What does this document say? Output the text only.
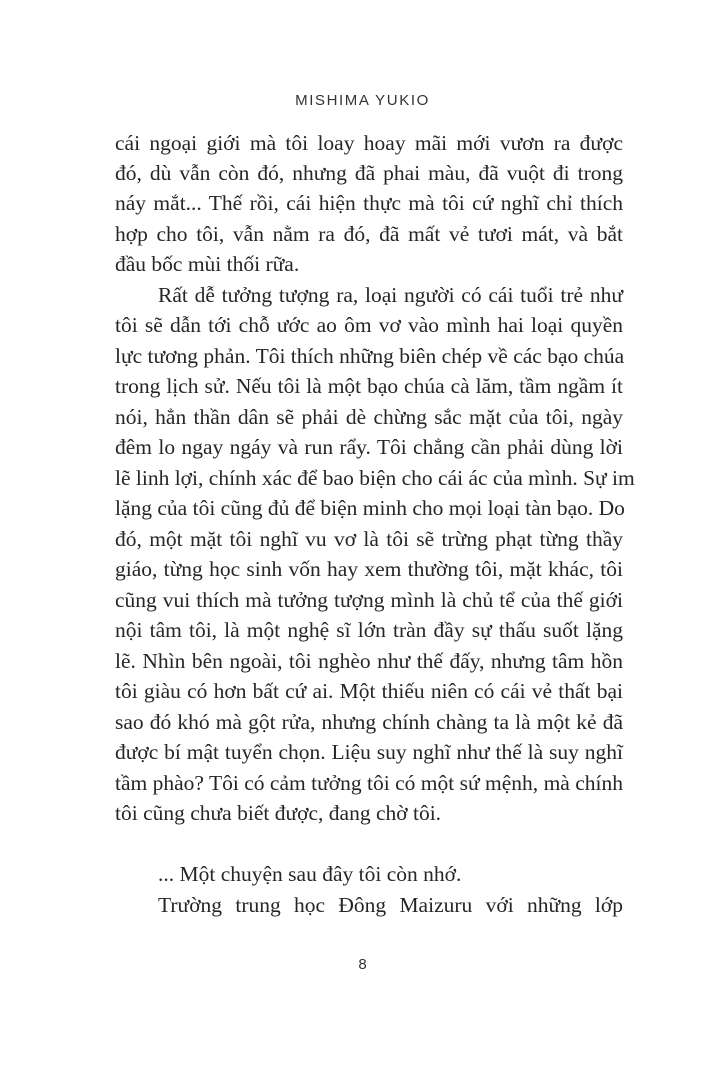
MISHIMA YUKIO
cái ngoại giới mà tôi loay hoay mãi mới vươn ra được
đó, dù vẫn còn đó, nhưng đã phai màu, đã vuột đi trong
náy mắt... Thế rồi, cái hiện thực mà tôi cứ nghĩ chỉ thích
hợp cho tôi, vẫn nằm ra đó, đã mất vẻ tươi mát, và bắt
đầu bốc mùi thối rữa.
Rất dễ tưởng tượng ra, loại người có cái tuổi trẻ như
tôi sẽ dẫn tới chỗ ước ao ôm vơ vào mình hai loại quyền
lực tương phản. Tôi thích những biên chép về các bạo chúa
trong lịch sử. Nếu tôi là một bạo chúa cà lăm, tầm ngầm ít
nói, hẳn thần dân sẽ phải dè chừng sắc mặt của tôi, ngày
đêm lo ngay ngáy và run rẩy. Tôi chẳng cần phải dùng lời
lẽ linh lợi, chính xác để bao biện cho cái ác của mình. Sự im
lặng của tôi cũng đủ để biện minh cho mọi loại tàn bạo. Do
đó, một mặt tôi nghĩ vu vơ là tôi sẽ trừng phạt từng thầy
giáo, từng học sinh vốn hay xem thường tôi, mặt khác, tôi
cũng vui thích mà tưởng tượng mình là chủ tể của thế giới
nội tâm tôi, là một nghệ sĩ lớn tràn đầy sự thấu suốt lặng
lẽ. Nhìn bên ngoài, tôi nghèo như thế đấy, nhưng tâm hồn
tôi giàu có hơn bất cứ ai. Một thiếu niên có cái vẻ thất bại
sao đó khó mà gột rửa, nhưng chính chàng ta là một kẻ đã
được bí mật tuyển chọn. Liệu suy nghĩ như thế là suy nghĩ
tầm phào? Tôi có cảm tưởng tôi có một sứ mệnh, mà chính
tôi cũng chưa biết được, đang chờ tôi.
... Một chuyện sau đây tôi còn nhớ.
Trường trung học Đông Maizuru với những lớp
8
